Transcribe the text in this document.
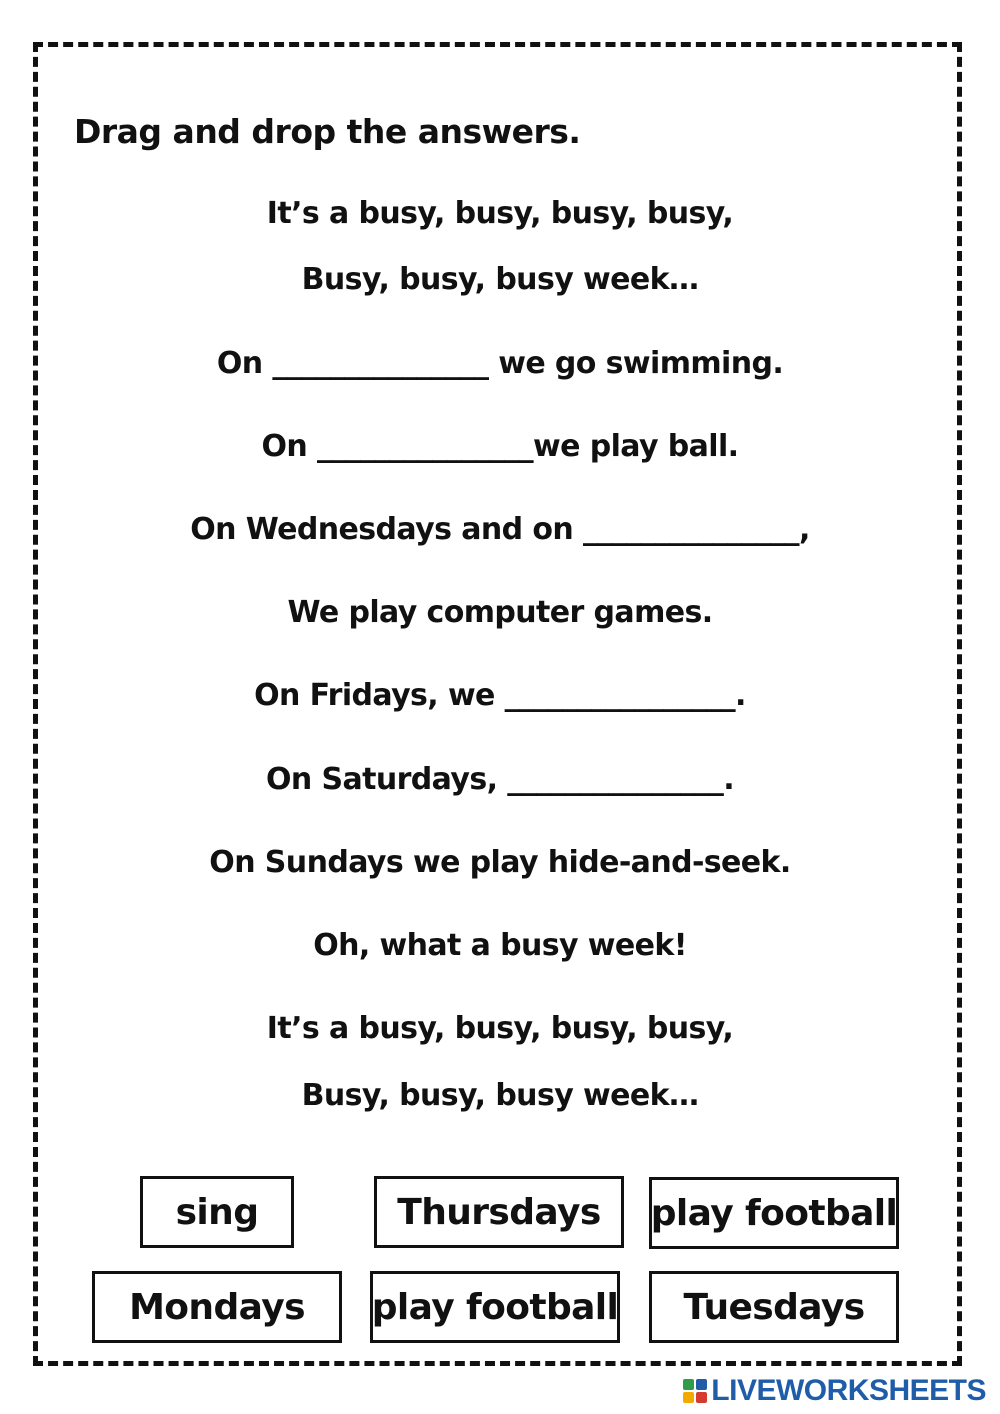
Drag and drop the answers.
It’s a busy, busy, busy, busy,
Busy, busy, busy week…
On _______________ we go swimming.
On _______________we play ball.
On Wednesdays and on _______________,
We play computer games.
On Fridays, we ________________.
On Saturdays, _______________.
On Sundays we play hide-and-seek.
Oh, what a busy week!
It’s a busy, busy, busy, busy,
Busy, busy, busy week…
sing	Thursdays	play football
Mondays	play football	Tuesdays
LIVEWORKSHEETS
